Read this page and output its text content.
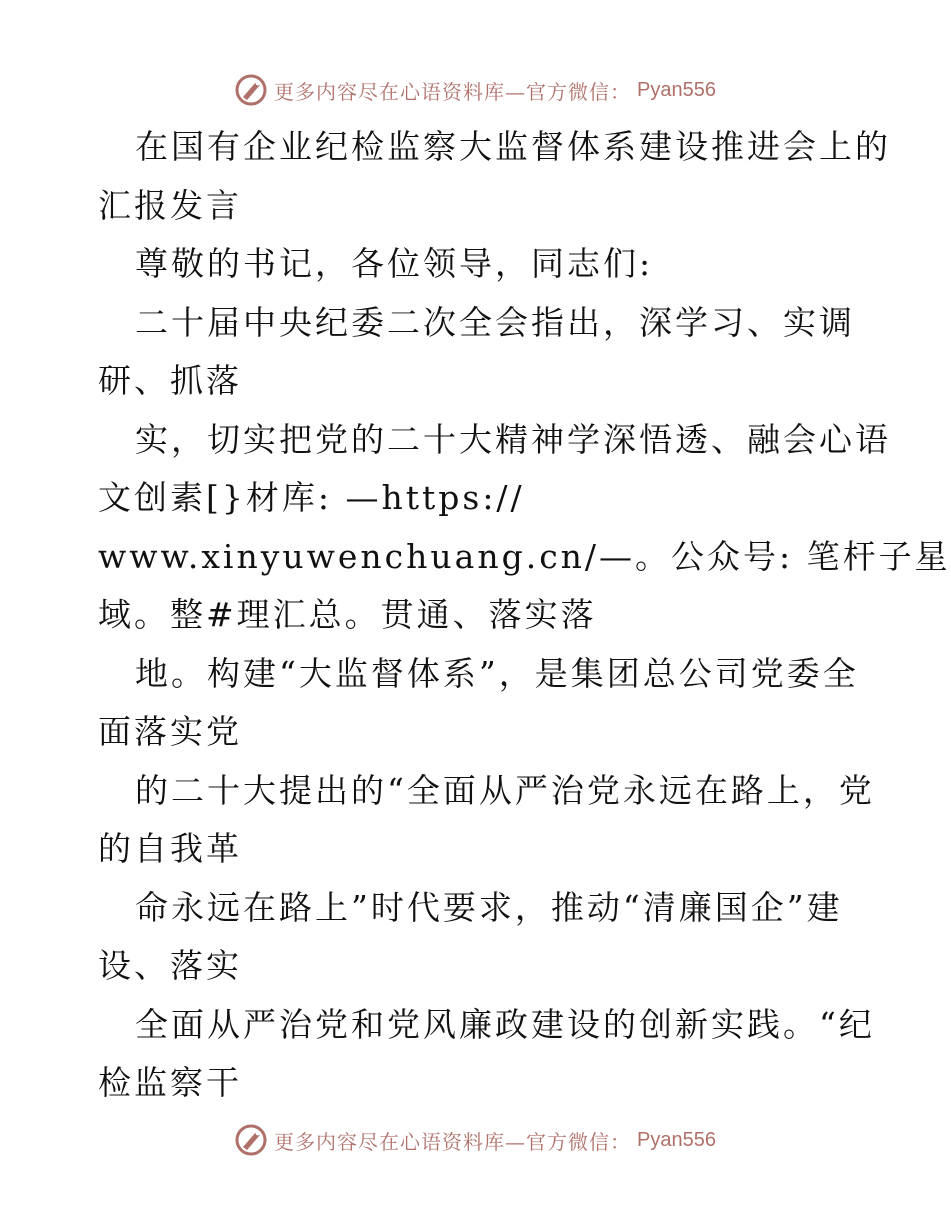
更多内容尽在心语资料库—官方微信： Pyan556
在国有企业纪检监察大监督体系建设推进会上的
汇报发言
尊敬的书记，各位领导，同志们:
二十届中央纪委二次全会指出，深学习、实调
研、抓落
实，切实把党的二十大精神学深悟透、融会心语
文创素[}材库: —https://
www.xinyuwenchuang.cn/—。公众号: 笔杆子星
域。整#理汇总。贯通、落实落
地。构建“大监督体系”，是集团总公司党委全
面落实党
的二十大提出的“全面从严治党永远在路上，党
的自我革
命永远在路上”时代要求，推动“清廉国企”建
设、落实
全面从严治党和党风廉政建设的创新实践。“纪
检监察干
更多内容尽在心语资料库—官方微信： Pyan556
